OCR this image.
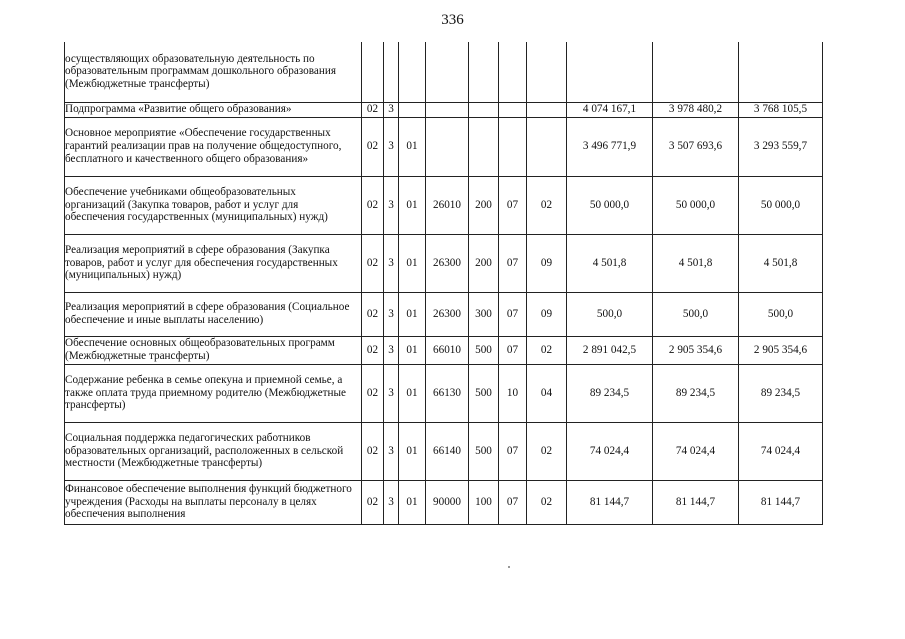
336
осуществляющих образовательную деятельность по образовательным программам дошкольного образования (Межбюджетные трансферты)										

Подпрограмма «Развитие общего образования»	02	3						4 074 167,1	3 978 480,2	3 768 105,5

Основное мероприятие «Обеспечение государственных гарантий реализации прав на получение общедоступного, бесплатного и качественного общего образования»	02	3	01					3 496 771,9	3 507 693,6	3 293 559,7

Обеспечение учебниками общеобразовательных организаций (Закупка товаров, работ и услуг для обеспечения государственных (муниципальных) нужд)	02	3	01	26010	200	07	02	50 000,0	50 000,0	50 000,0

Реализация мероприятий в сфере образования (Закупка товаров, работ и услуг для обеспечения государственных (муниципальных) нужд)	02	3	01	26300	200	07	09	4 501,8	4 501,8	4 501,8

Реализация мероприятий в сфере образования (Социальное обеспечение и иные выплаты населению)	02	3	01	26300	300	07	09	500,0	500,0	500,0

Обеспечение основных общеобразовательных программ (Межбюджетные трансферты)	02	3	01	66010	500	07	02	2 891 042,5	2 905 354,6	2 905 354,6

Содержание ребенка в семье опекуна и приемной семье, а также оплата труда приемному родителю (Межбюджетные трансферты)	02	3	01	66130	500	10	04	89 234,5	89 234,5	89 234,5

Социальная поддержка педагогических работников образовательных организаций, расположенных в сельской местности (Межбюджетные трансферты)	02	3	01	66140	500	07	02	74 024,4	74 024,4	74 024,4

Финансовое обеспечение выполнения функций бюджетного учреждения (Расходы на выплаты персоналу в целях обеспечения выполнения	02	3	01	90000	100	07	02	81 144,7	81 144,7	81 144,7
